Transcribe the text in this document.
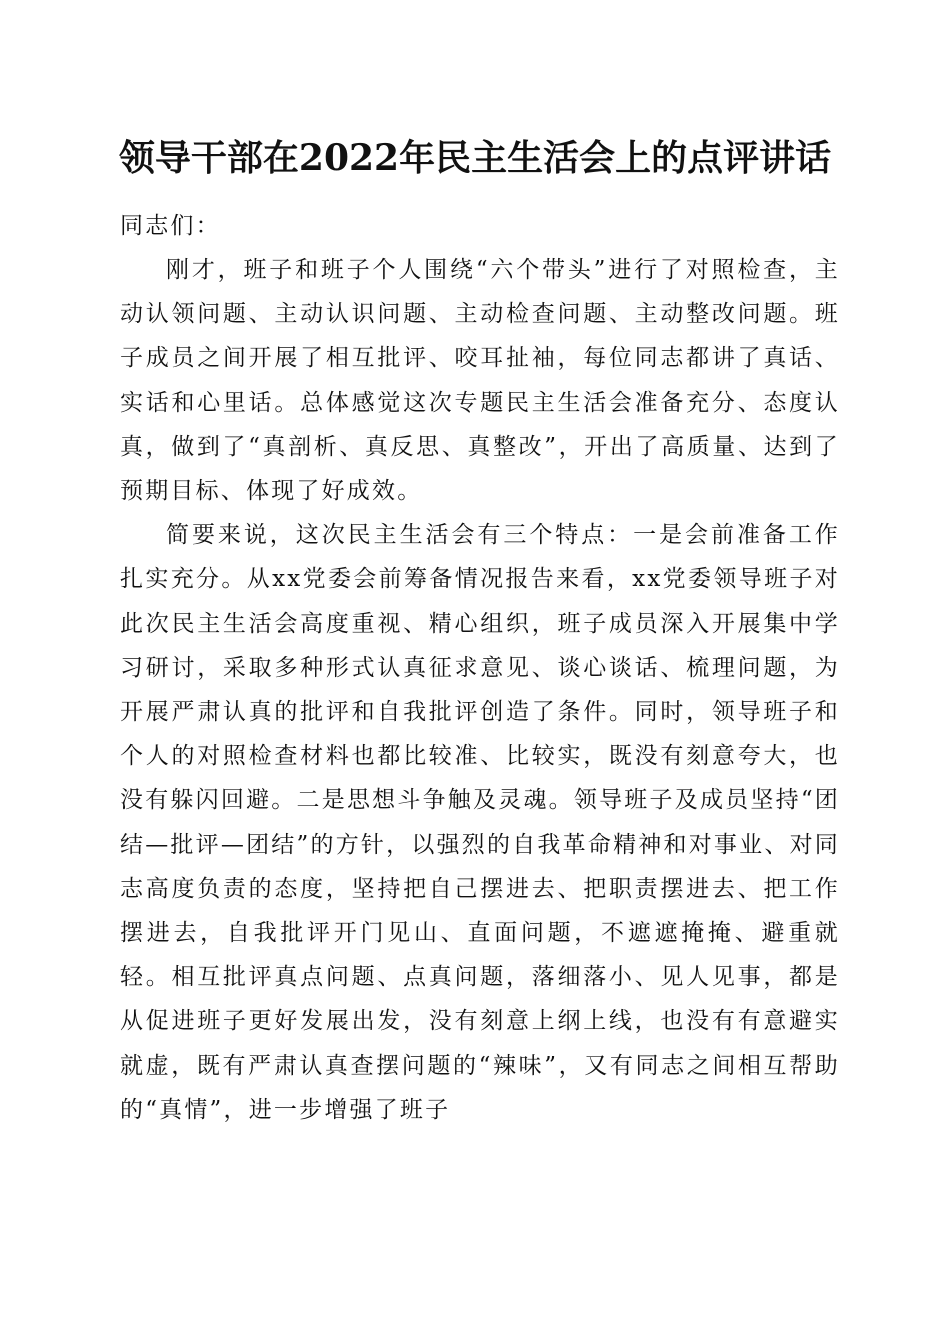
领导干部在2022年民主生活会上的点评讲话
同志们：

刚才，班子和班子个人围绕“六个带头”进行了对照检查，主动认领问题、主动认识问题、主动检查问题、主动整改问题。班子成员之间开展了相互批评、咬耳扯袖，每位同志都讲了真话、实话和心里话。总体感觉这次专题民主生活会准备充分、态度认真，做到了“真剖析、真反思、真整改”，开出了高质量、达到了预期目标、体现了好成效。

简要来说，这次民主生活会有三个特点：一是会前准备工作扎实充分。从xx党委会前筹备情况报告来看，xx党委领导班子对此次民主生活会高度重视、精心组织，班子成员深入开展集中学习研讨，采取多种形式认真征求意见、谈心谈话、梳理问题，为开展严肃认真的批评和自我批评创造了条件。同时，领导班子和个人的对照检查材料也都比较准、比较实，既没有刻意夸大，也没有躲闪回避。二是思想斗争触及灵魂。领导班子及成员坚持“团结—批评—团结”的方针，以强烈的自我革命精神和对事业、对同志高度负责的态度，坚持把自己摆进去、把职责摆进去、把工作摆进去，自我批评开门见山、直面问题，不遮遮掩掩、避重就轻。相互批评真点问题、点真问题，落细落小、见人见事，都是从促进班子更好发展出发，没有刻意上纲上线，也没有有意避实就虚，既有严肃认真查摆问题的“辣味”，又有同志之间相互帮助的“真情”，进一步增强了班子
